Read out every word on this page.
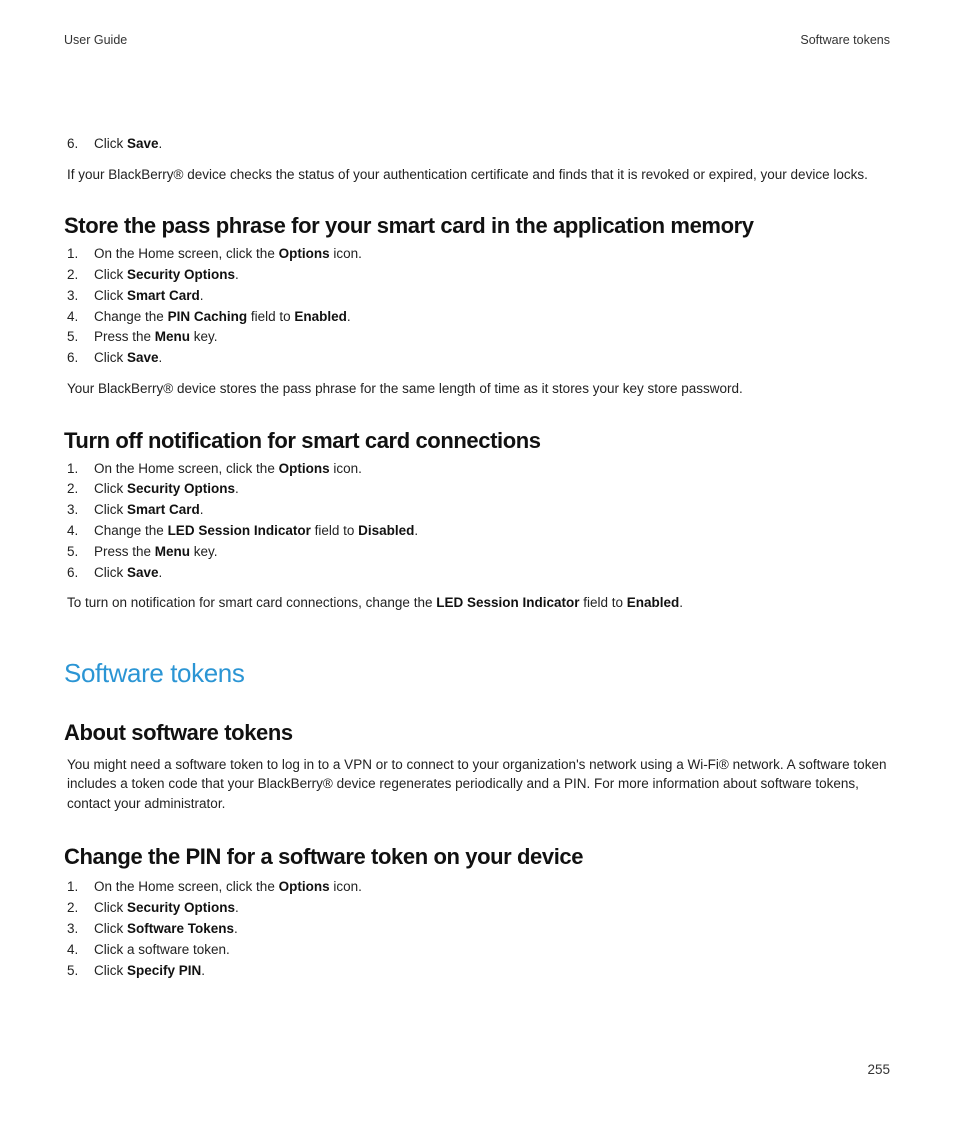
User Guide	Software tokens
6. Click Save.

If your BlackBerry® device checks the status of your authentication certificate and finds that it is revoked or expired, your device locks.

Store the pass phrase for your smart card in the application memory
1. On the Home screen, click the Options icon.
2. Click Security Options.
3. Click Smart Card.
4. Change the PIN Caching field to Enabled.
5. Press the Menu key.
6. Click Save.

Your BlackBerry® device stores the pass phrase for the same length of time as it stores your key store password.

Turn off notification for smart card connections
1. On the Home screen, click the Options icon.
2. Click Security Options.
3. Click Smart Card.
4. Change the LED Session Indicator field to Disabled.
5. Press the Menu key.
6. Click Save.

To turn on notification for smart card connections, change the LED Session Indicator field to Enabled.

Software tokens
About software tokens

You might need a software token to log in to a VPN or to connect to your organization's network using a Wi-Fi® network. A software token includes a token code that your BlackBerry® device regenerates periodically and a PIN. For more information about software tokens, contact your administrator.

Change the PIN for a software token on your device
1. On the Home screen, click the Options icon.
2. Click Security Options.
3. Click Software Tokens.
4. Click a software token.
5. Click Specify PIN.
255
